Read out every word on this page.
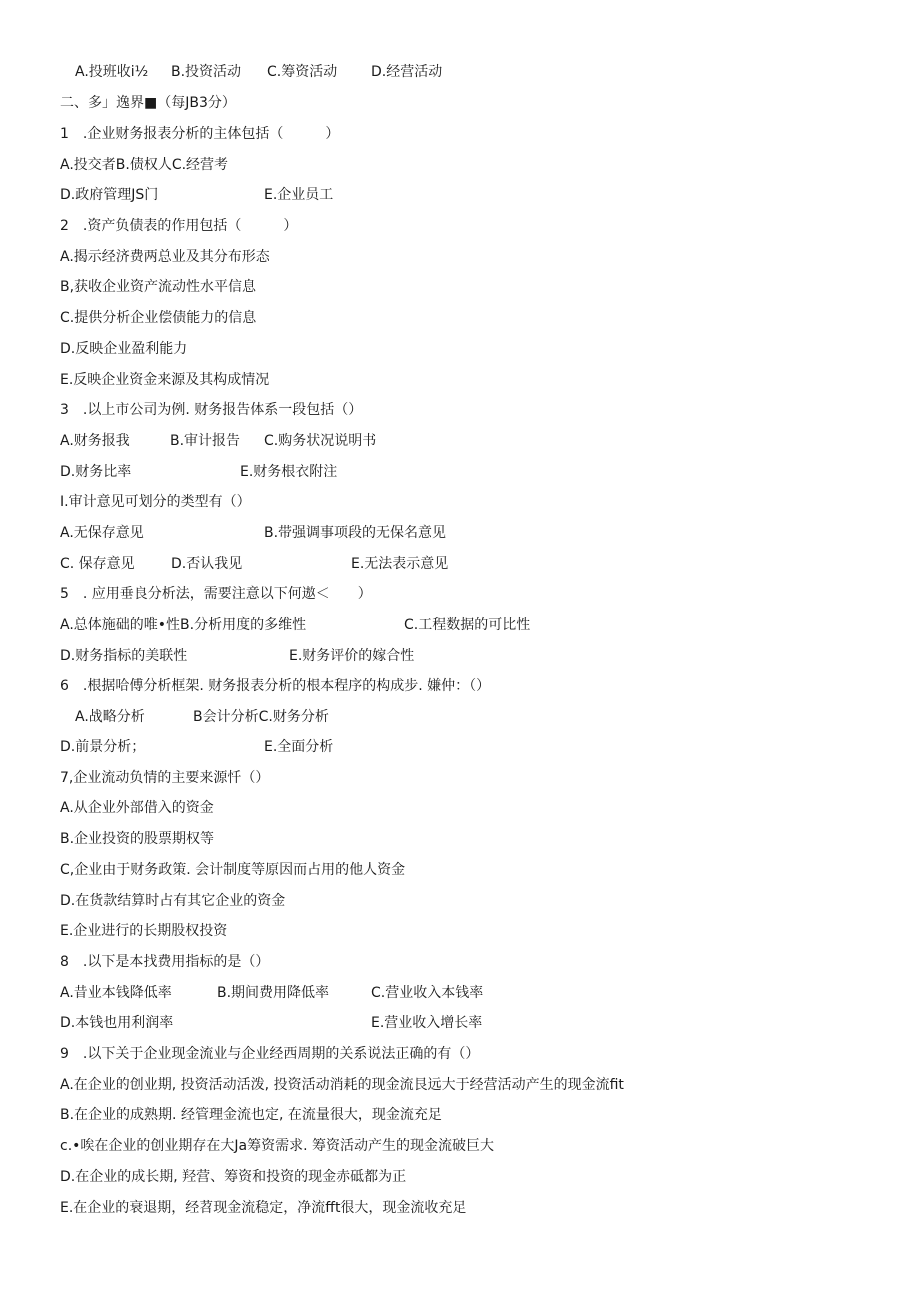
A.投班收i½ B.投资活动 C.筹资活动 D.经营活动
二、多」逸界■（每JB3分）
1　.企业财务报表分析的主体包括（　　　）
A.投交者B.债权人C.经营考
D.政府管理JS门	E.企业员工
2　.资产负债表的作用包括（　　　）
A.揭示经济费两总业及其分布形态
B,获收企业资产流动性水平信息
C.提供分析企业偿债能力的信息
D.反映企业盈利能力
E.反映企业资金来源及其构成情况
3　.以上市公司为例. 财务报告体系一段包括（）
A.财务报我	B.审计报告 C.购务状况说明书
D.财务比率	E.财务根衣附注
I.审计意见可划分的类型有（）
A.无保存意见	B.带强调事项段的无保名意见
C. 保存意见	D.否认我见	E.无法表示意见
5　. 应用垂良分析法，需要注意以下何遨＜　　）
A.总体施础的唯•性B.分析用度的多维性	C.工程数据的可比性
D.财务指标的美联性	E.财务评价的嫁合性
6　.根据哈傅分析框架. 财务报表分析的根本程序的构成步. 嫌仲：（）
A.战略分析	B会计分析C.财务分析
D.前景分析；	E.全面分析
7,企业流动负情的主要来源忏（）
A.从企业外部借入的资金
B.企业投资的股票期权等
C,企业由于财务政策. 会计制度等原因而占用的他人资金
D.在货款结算时占有其它企业的资金
E.企业进行的长期股权投资
8　.以下是本找费用指标的是（）
A.昔业本钱降低率	B.期间费用降低率	C.营业收入本钱率
D.本钱也用利润率	E.营业收入增长率
9　.以下关于企业现金流业与企业经西周期的关系说法正确的有（）
A.在企业的创业期, 投资活动活泼, 投资活动消耗的现金流艮远大于经营活动产生的现金流fit
B.在企业的成熟期. 经管理金流也定, 在流量很大，现金流充足
c.•唉在企业的创业期存在大Ja筹资需求. 筹资活动产生的现金流破巨大
D.在企业的成长期, 羟营、筹资和投资的现金赤砥都为正
E.在企业的衰退期，经苕现金流稳定，净流fft很大，现金流收充足
